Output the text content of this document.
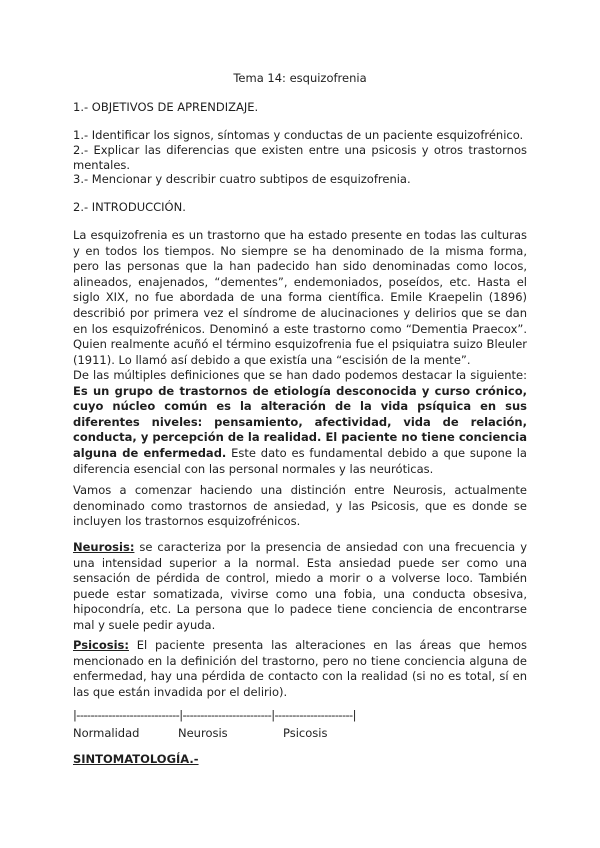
Tema 14: esquizofrenia
1.- OBJETIVOS DE APRENDIZAJE.
1.- Identificar los signos, síntomas y conductas de un paciente esquizofrénico.
2.- Explicar las diferencias que existen entre una psicosis y otros trastornos mentales.
3.- Mencionar y describir cuatro subtipos de esquizofrenia.
2.- INTRODUCCIÓN.

La esquizofrenia es un trastorno que ha estado presente en todas las culturas y en todos los tiempos. No siempre se ha denominado de la misma forma, pero las personas que la han padecido han sido denominadas como locos, alineados, enajenados, “dementes”, endemoniados, poseídos, etc. Hasta el siglo XIX, no fue abordada de una forma científica. Emile Kraepelin (1896) describió por primera vez el síndrome de alucinaciones y delirios que se dan en los esquizofrénicos. Denominó a este trastorno como “Dementia Praecox”. Quien realmente acuñó el término esquizofrenia fue el psiquiatra suizo Bleuler (1911). Lo llamó así debido a que existía una “escisión de la mente”.

De las múltiples definiciones que se han dado podemos destacar la siguiente: Es un grupo de trastornos de etiología desconocida y curso crónico, cuyo núcleo común es la alteración de la vida psíquica en sus diferentes niveles: pensamiento, afectividad, vida de relación, conducta, y percepción de la realidad. El paciente no tiene conciencia alguna de enfermedad. Este dato es fundamental debido a que supone la diferencia esencial con las personal normales y las neuróticas.

Vamos a comenzar haciendo una distinción entre Neurosis, actualmente denominado como trastornos de ansiedad, y las Psicosis, que es donde se incluyen los trastornos esquizofrénicos.

Neurosis: se caracteriza por la presencia de ansiedad con una frecuencia y una intensidad superior a la normal. Esta ansiedad puede ser como una sensación de pérdida de control, miedo a morir o a volverse loco. También puede estar somatizada, vivirse como una fobia, una conducta obsesiva, hipocondría, etc. La persona que lo padece tiene conciencia de encontrarse mal y suele pedir ayuda.

Psicosis: El paciente presenta las alteraciones en las áreas que hemos mencionado en la definición del trastorno, pero no tiene conciencia alguna de enfermedad, hay una pérdida de contacto con la realidad (si no es total, sí en las que están invadida por el delirio).

|-----------------------------|-------------------------|----------------------|
Normalidad	Neurosis	Psicosis
SINTOMATOLOGÍA.-
